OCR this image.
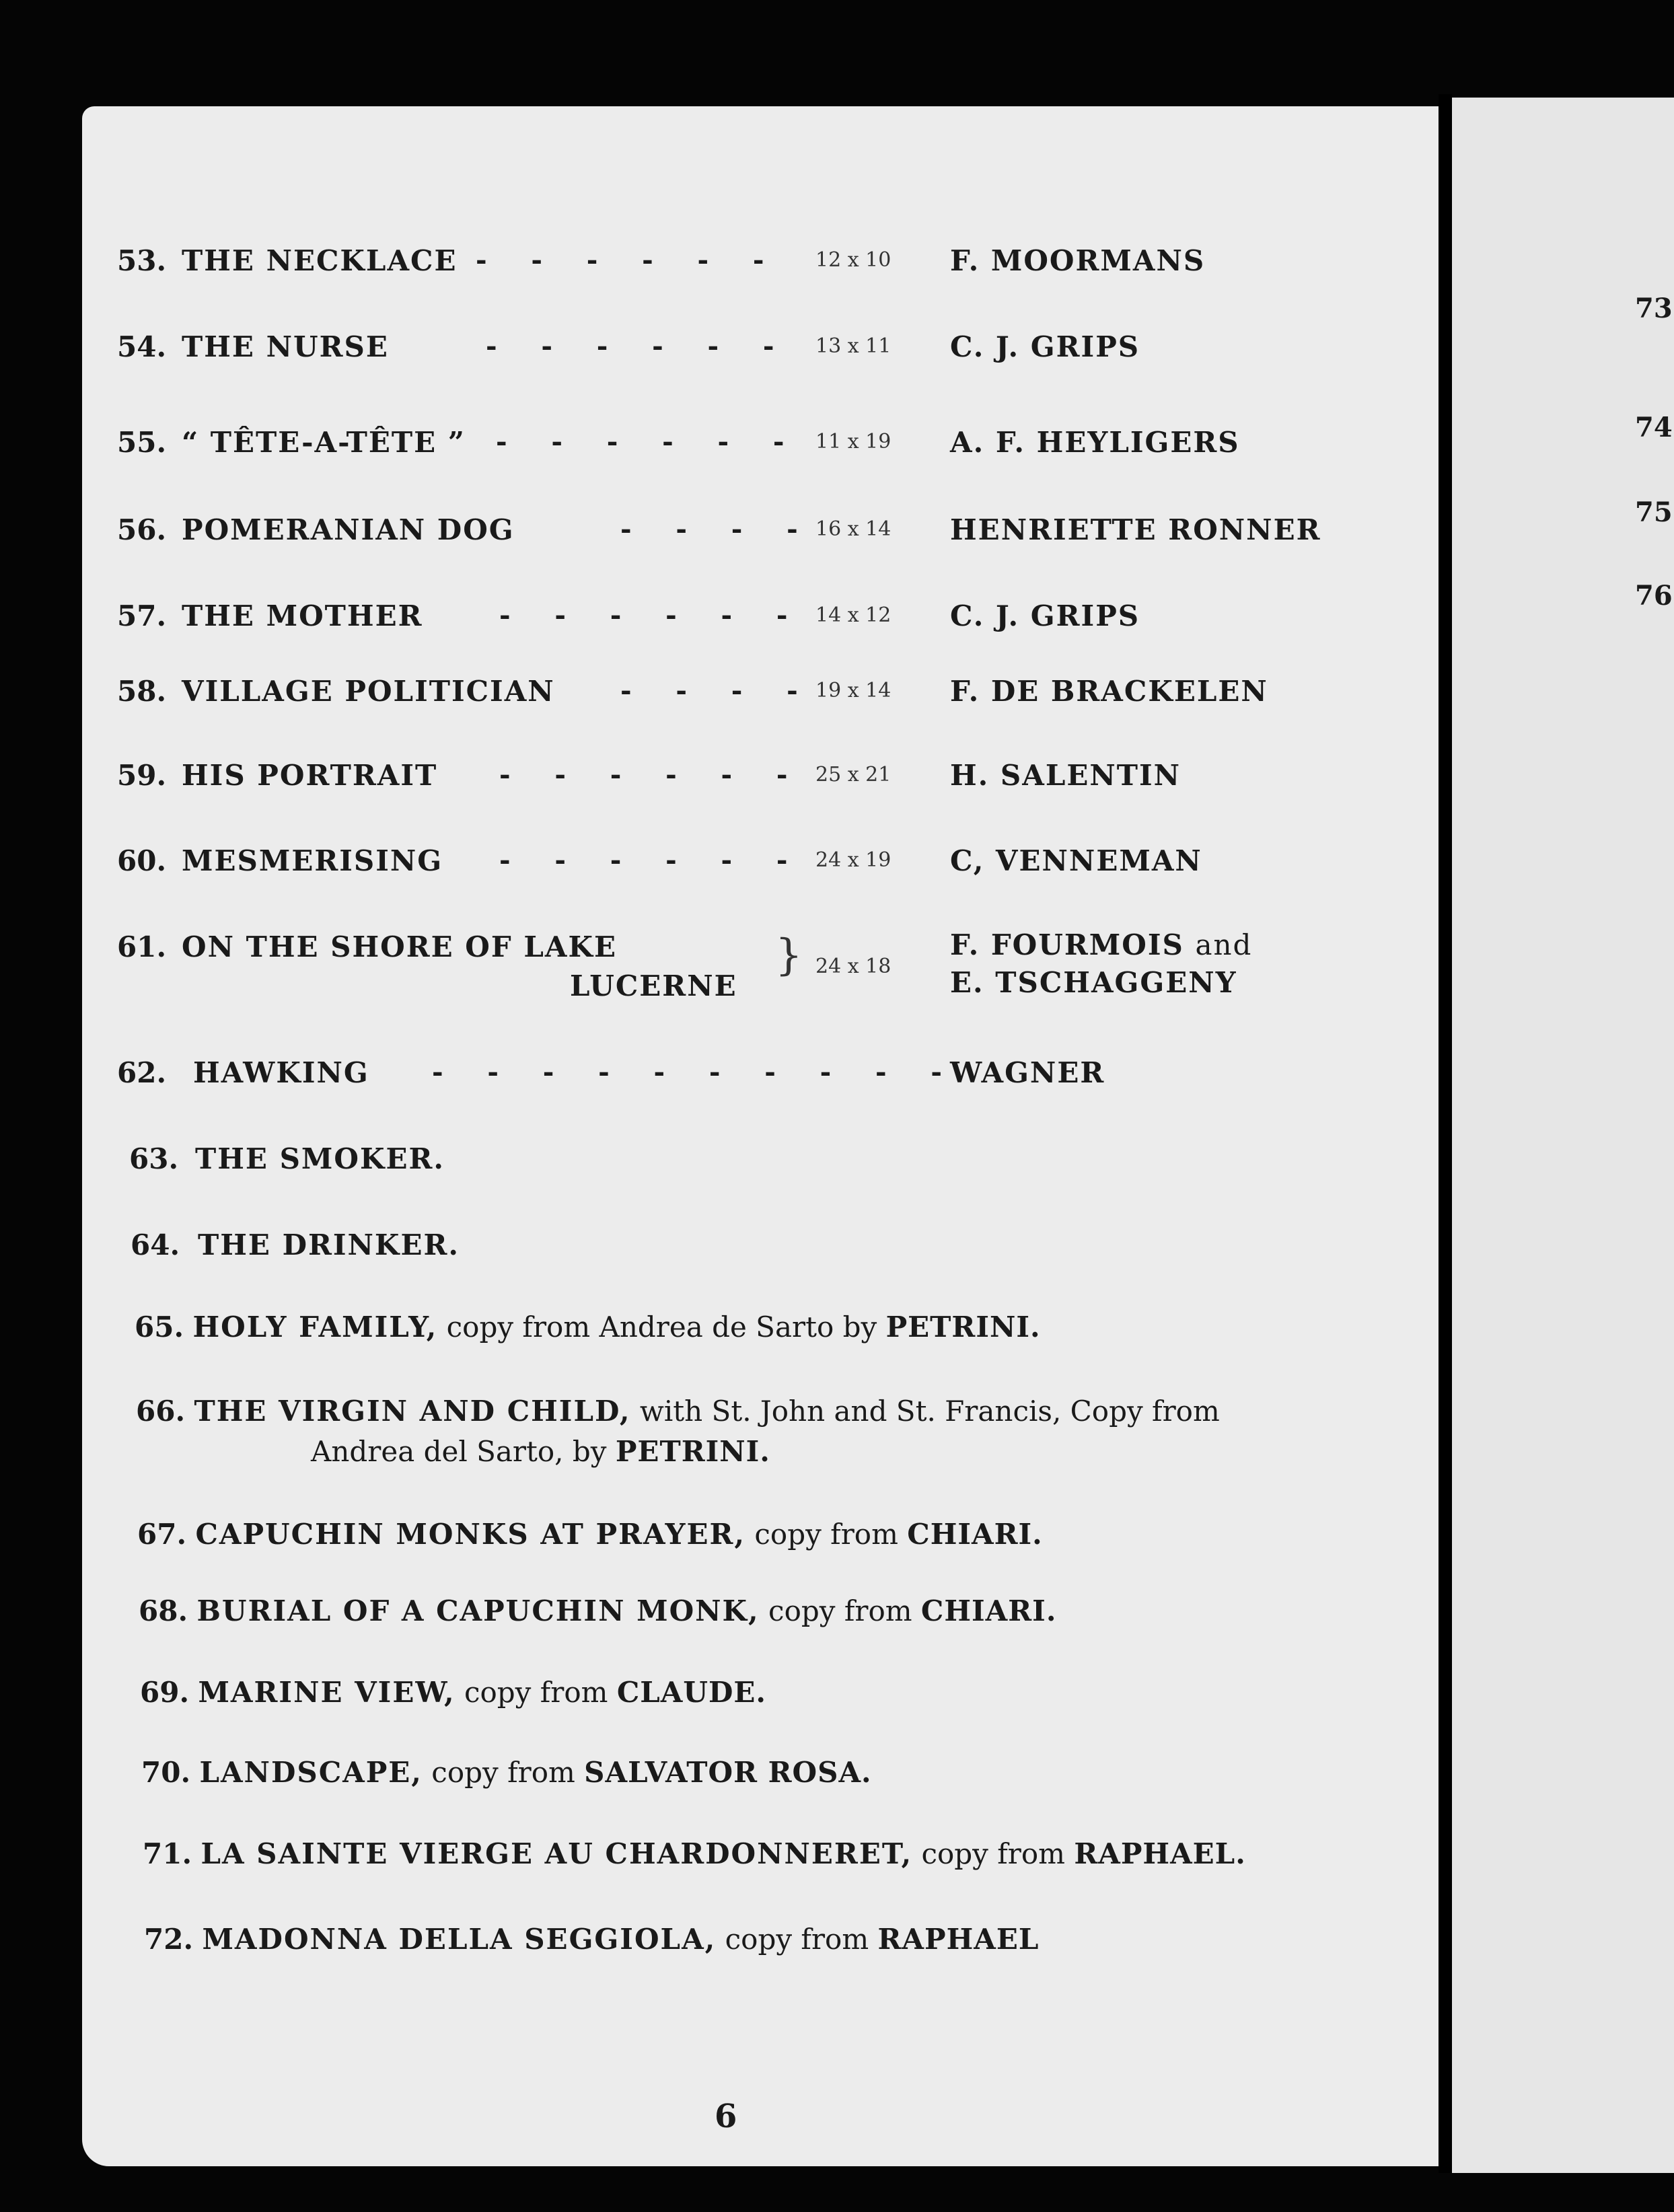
53. THE NECKLACE -   -   -   -   -   - 12 x 10 F. MOORMANS
54. THE NURSE	-   -   -   -   -   - 13 x 11 C. J. GRIPS
55. “ TÊTE-A-TÊTE ” -   -   -   -   -   - 11 x 19 A. F. HEYLIGERS
56. POMERANIAN DOG	-   -   -   - 16 x 14 HENRIETTE RONNER
57. THE MOTHER	-   -   -   -   -   - 14 x 12 C. J. GRIPS
58. VILLAGE POLITICIAN -   -   -   - 19 x 14 F. DE BRACKELEN
59. HIS PORTRAIT -   -   -   -   -   - 25 x 21 H. SALENTIN
60. MESMERISING -   -   -   -   -   - 24 x 19 C, VENNEMAN
61. ON THE SHORE OF LAKE
LUCERNE
} 24 x 18
F. FOURMOIS and
E. TSCHAGGENY
62. HAWKING -   -   -   -   -   -   -   -   -   - WAGNER
63. THE SMOKER.
64. THE DRINKER.
65. HOLY FAMILY, copy from Andrea de Sarto by PETRINI.
66. THE VIRGIN AND CHILD, with St. John and St. Francis, Copy from
Andrea del Sarto, by PETRINI.
67. CAPUCHIN MONKS AT PRAYER, copy from CHIARI.
68. BURIAL OF A CAPUCHIN MONK, copy from CHIARI.
69. MARINE VIEW, copy from CLAUDE.
70. LANDSCAPE, copy from SALVATOR ROSA.
71. LA SAINTE VIERGE AU CHARDONNERET, copy from RAPHAEL.
72. MADONNA DELLA SEGGIOLA, copy from RAPHAEL
6
73
74
75
76
